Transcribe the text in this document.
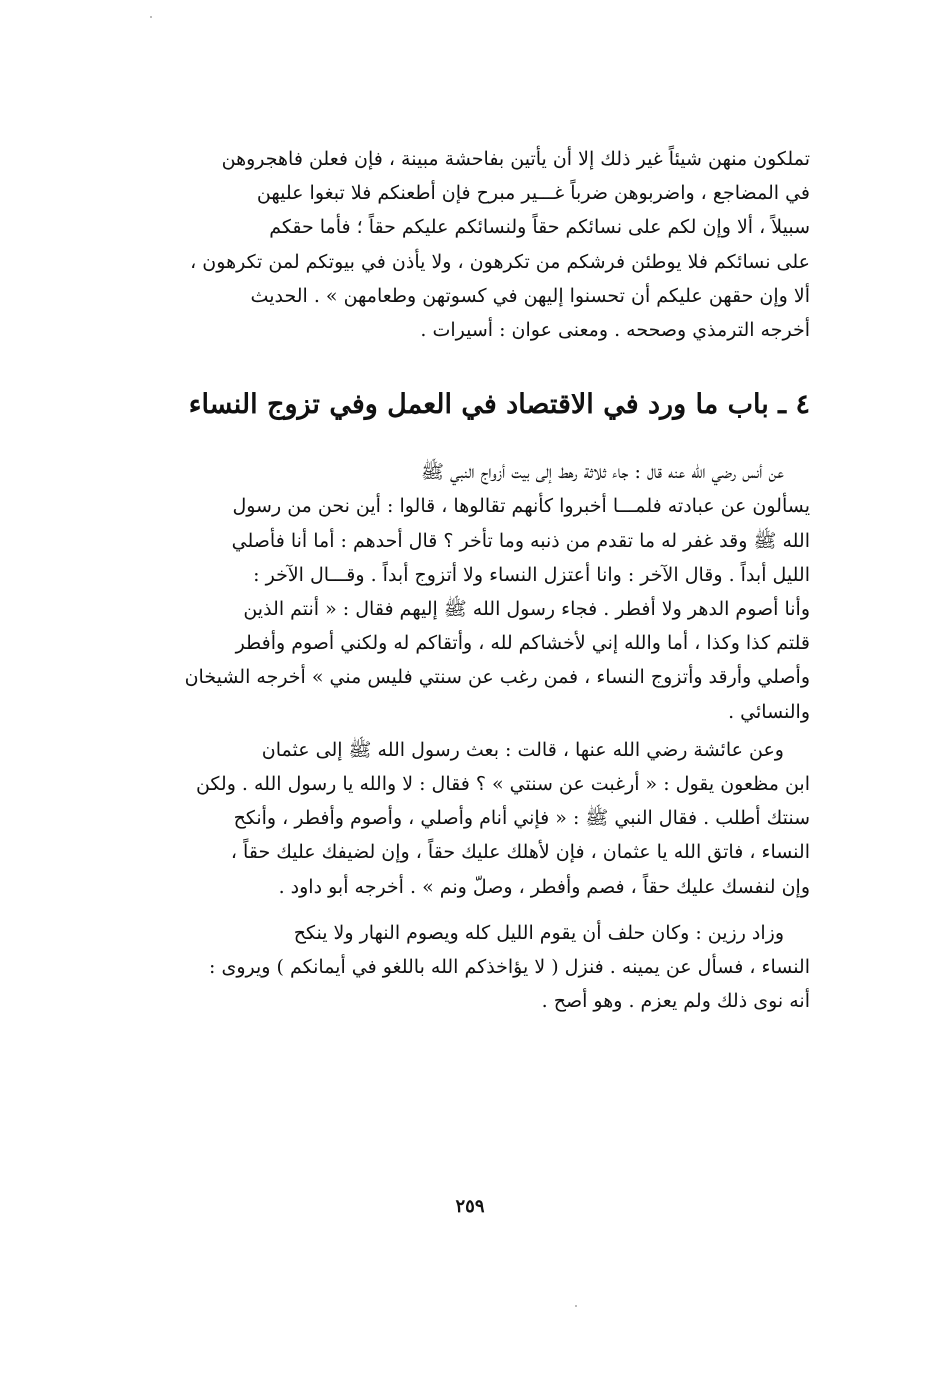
تملكون منهن شيئاً غير ذلك إلا أن يأتين بفاحشة مبينة ، فإن فعلن فاهجروهن
في المضاجع ، واضربوهن ضرباً غـــير مبرح فإن أطعنكم فلا تبغوا عليهن
سبيلاً ، ألا وإن لكم على نسائكم حقاً ولنسائكم عليكم حقاً ؛ فأما حقكم
على نسائكم فلا يوطئن فرشكم من تكرهون ، ولا يأذن في بيوتكم لمن تكرهون ،
ألا وإن حقهن عليكم أن تحسنوا إليهن في كسوتهن وطعامهن » . الحديث
أخرجه الترمذي وصححه . ومعنى عوان : أسيرات .
٤ ـ باب ما ورد في الاقتصاد في العمل وفي تزوج النساء
عن أنس رضي الله عنه قال : جاء ثلاثة رهط إلى بيت أزواج النبي ﷺ
يسألون عن عبادته فلمـــا أخبروا كأنهم تقالوها ، قالوا : أين نحن من رسول
الله ﷺ وقد غفر له ما تقدم من ذنبه وما تأخر ؟ قال أحدهم : أما أنا فأصلي
الليل أبداً . وقال الآخر : وانا أعتزل النساء ولا أتزوج أبداً . وقـــال الآخر :
وأنا أصوم الدهر ولا أفطر . فجاء رسول الله ﷺ إليهم فقال : « أنتم الذين
قلتم كذا وكذا ، أما والله إني لأخشاكم لله ، وأتقاكم له ولكني أصوم وأفطر
وأصلي وأرقد وأتزوج النساء ، فمن رغب عن سنتي فليس مني » أخرجه الشيخان
والنسائي .
وعن عائشة رضي الله عنها ، قالت : بعث رسول الله ﷺ إلى عثمان
ابن مظعون يقول : « أرغبت عن سنتي » ؟ فقال : لا والله يا رسول الله . ولكن
سنتك أطلب . فقال النبي ﷺ : « فإني أنام وأصلي ، وأصوم وأفطر ، وأنكح
النساء ، فاتق الله يا عثمان ، فإن لأهلك عليك حقاً ، وإن لضيفك عليك حقاً ،
وإن لنفسك عليك حقاً ، فصم وأفطر ، وصلّ ونم » . أخرجه أبو داود .
وزاد رزين : وكان حلف أن يقوم الليل كله ويصوم النهار ولا ينكح
النساء ، فسأل عن يمينه . فنزل ( لا يؤاخذكم الله باللغو في أيمانكم ) ويروى :
أنه نوى ذلك ولم يعزم . وهو أصح .
٢٥٩
